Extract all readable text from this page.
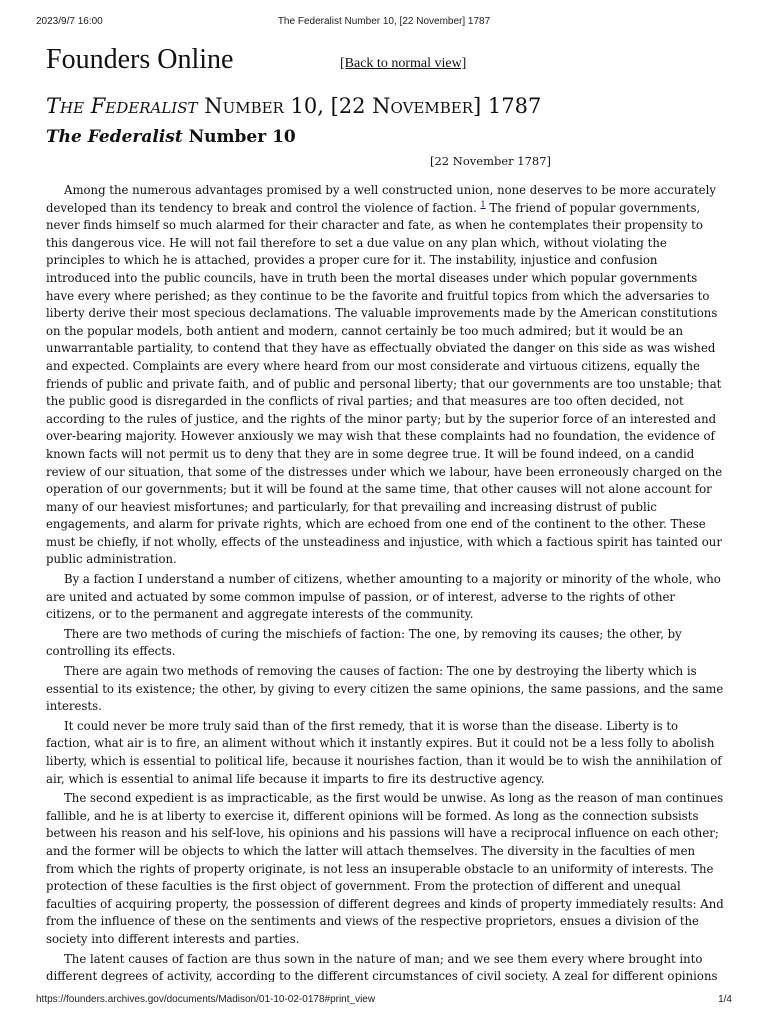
2023/9/7 16:00	The Federalist Number 10, [22 November] 1787
Founders Online	[Back to normal view]
The Federalist Number 10, [22 November] 1787
The Federalist Number 10
[22 November 1787]

Among the numerous advantages promised by a well constructed union, none deserves to be more accurately developed than its tendency to break and control the violence of faction. $^1$ The friend of popular governments, never finds himself so much alarmed for their character and fate, as when he contemplates their propensity to this dangerous vice. He will not fail therefore to set a due value on any plan which, without violating the principles to which he is attached, provides a proper cure for it. The instability, injustice and confusion introduced into the public councils, have in truth been the mortal diseases under which popular governments have every where perished; as they continue to be the favorite and fruitful topics from which the adversaries to liberty derive their most specious declamations. The valuable improvements made by the American constitutions on the popular models, both antient and modern, cannot certainly be too much admired; but it would be an unwarrantable partiality, to contend that they have as effectually obviated the danger on this side as was wished and expected. Complaints are every where heard from our most considerate and virtuous citizens, equally the friends of public and private faith, and of public and personal liberty; that our governments are too unstable; that the public good is disregarded in the conflicts of rival parties; and that measures are too often decided, not according to the rules of justice, and the rights of the minor party; but by the superior force of an interested and over-bearing majority. However anxiously we may wish that these complaints had no foundation, the evidence of known facts will not permit us to deny that they are in some degree true. It will be found indeed, on a candid review of our situation, that some of the distresses under which we labour, have been erroneously charged on the operation of our governments; but it will be found at the same time, that other causes will not alone account for many of our heaviest misfortunes; and particularly, for that prevailing and increasing distrust of public engagements, and alarm for private rights, which are echoed from one end of the continent to the other. These must be chiefly, if not wholly, effects of the unsteadiness and injustice, with which a factious spirit has tainted our public administration.

By a faction I understand a number of citizens, whether amounting to a majority or minority of the whole, who are united and actuated by some common impulse of passion, or of interest, adverse to the rights of other citizens, or to the permanent and aggregate interests of the community.

There are two methods of curing the mischiefs of faction: The one, by removing its causes; the other, by controlling its effects.

There are again two methods of removing the causes of faction: The one by destroying the liberty which is essential to its existence; the other, by giving to every citizen the same opinions, the same passions, and the same interests.

It could never be more truly said than of the first remedy, that it is worse than the disease. Liberty is to faction, what air is to fire, an aliment without which it instantly expires. But it could not be a less folly to abolish liberty, which is essential to political life, because it nourishes faction, than it would be to wish the annihilation of air, which is essential to animal life because it imparts to fire its destructive agency.

The second expedient is as impracticable, as the first would be unwise. As long as the reason of man continues fallible, and he is at liberty to exercise it, different opinions will be formed. As long as the connection subsists between his reason and his self-love, his opinions and his passions will have a reciprocal influence on each other; and the former will be objects to which the latter will attach themselves. The diversity in the faculties of men from which the rights of property originate, is not less an insuperable obstacle to an uniformity of interests. The protection of these faculties is the first object of government. From the protection of different and unequal faculties of acquiring property, the possession of different degrees and kinds of property immediately results: And from the influence of these on the sentiments and views of the respective proprietors, ensues a division of the society into different interests and parties.

The latent causes of faction are thus sown in the nature of man; and we see them every where brought into different degrees of activity, according to the different circumstances of civil society. A zeal for different opinions

https://founders.archives.gov/documents/Madison/01-10-02-0178#print_view	1/4
